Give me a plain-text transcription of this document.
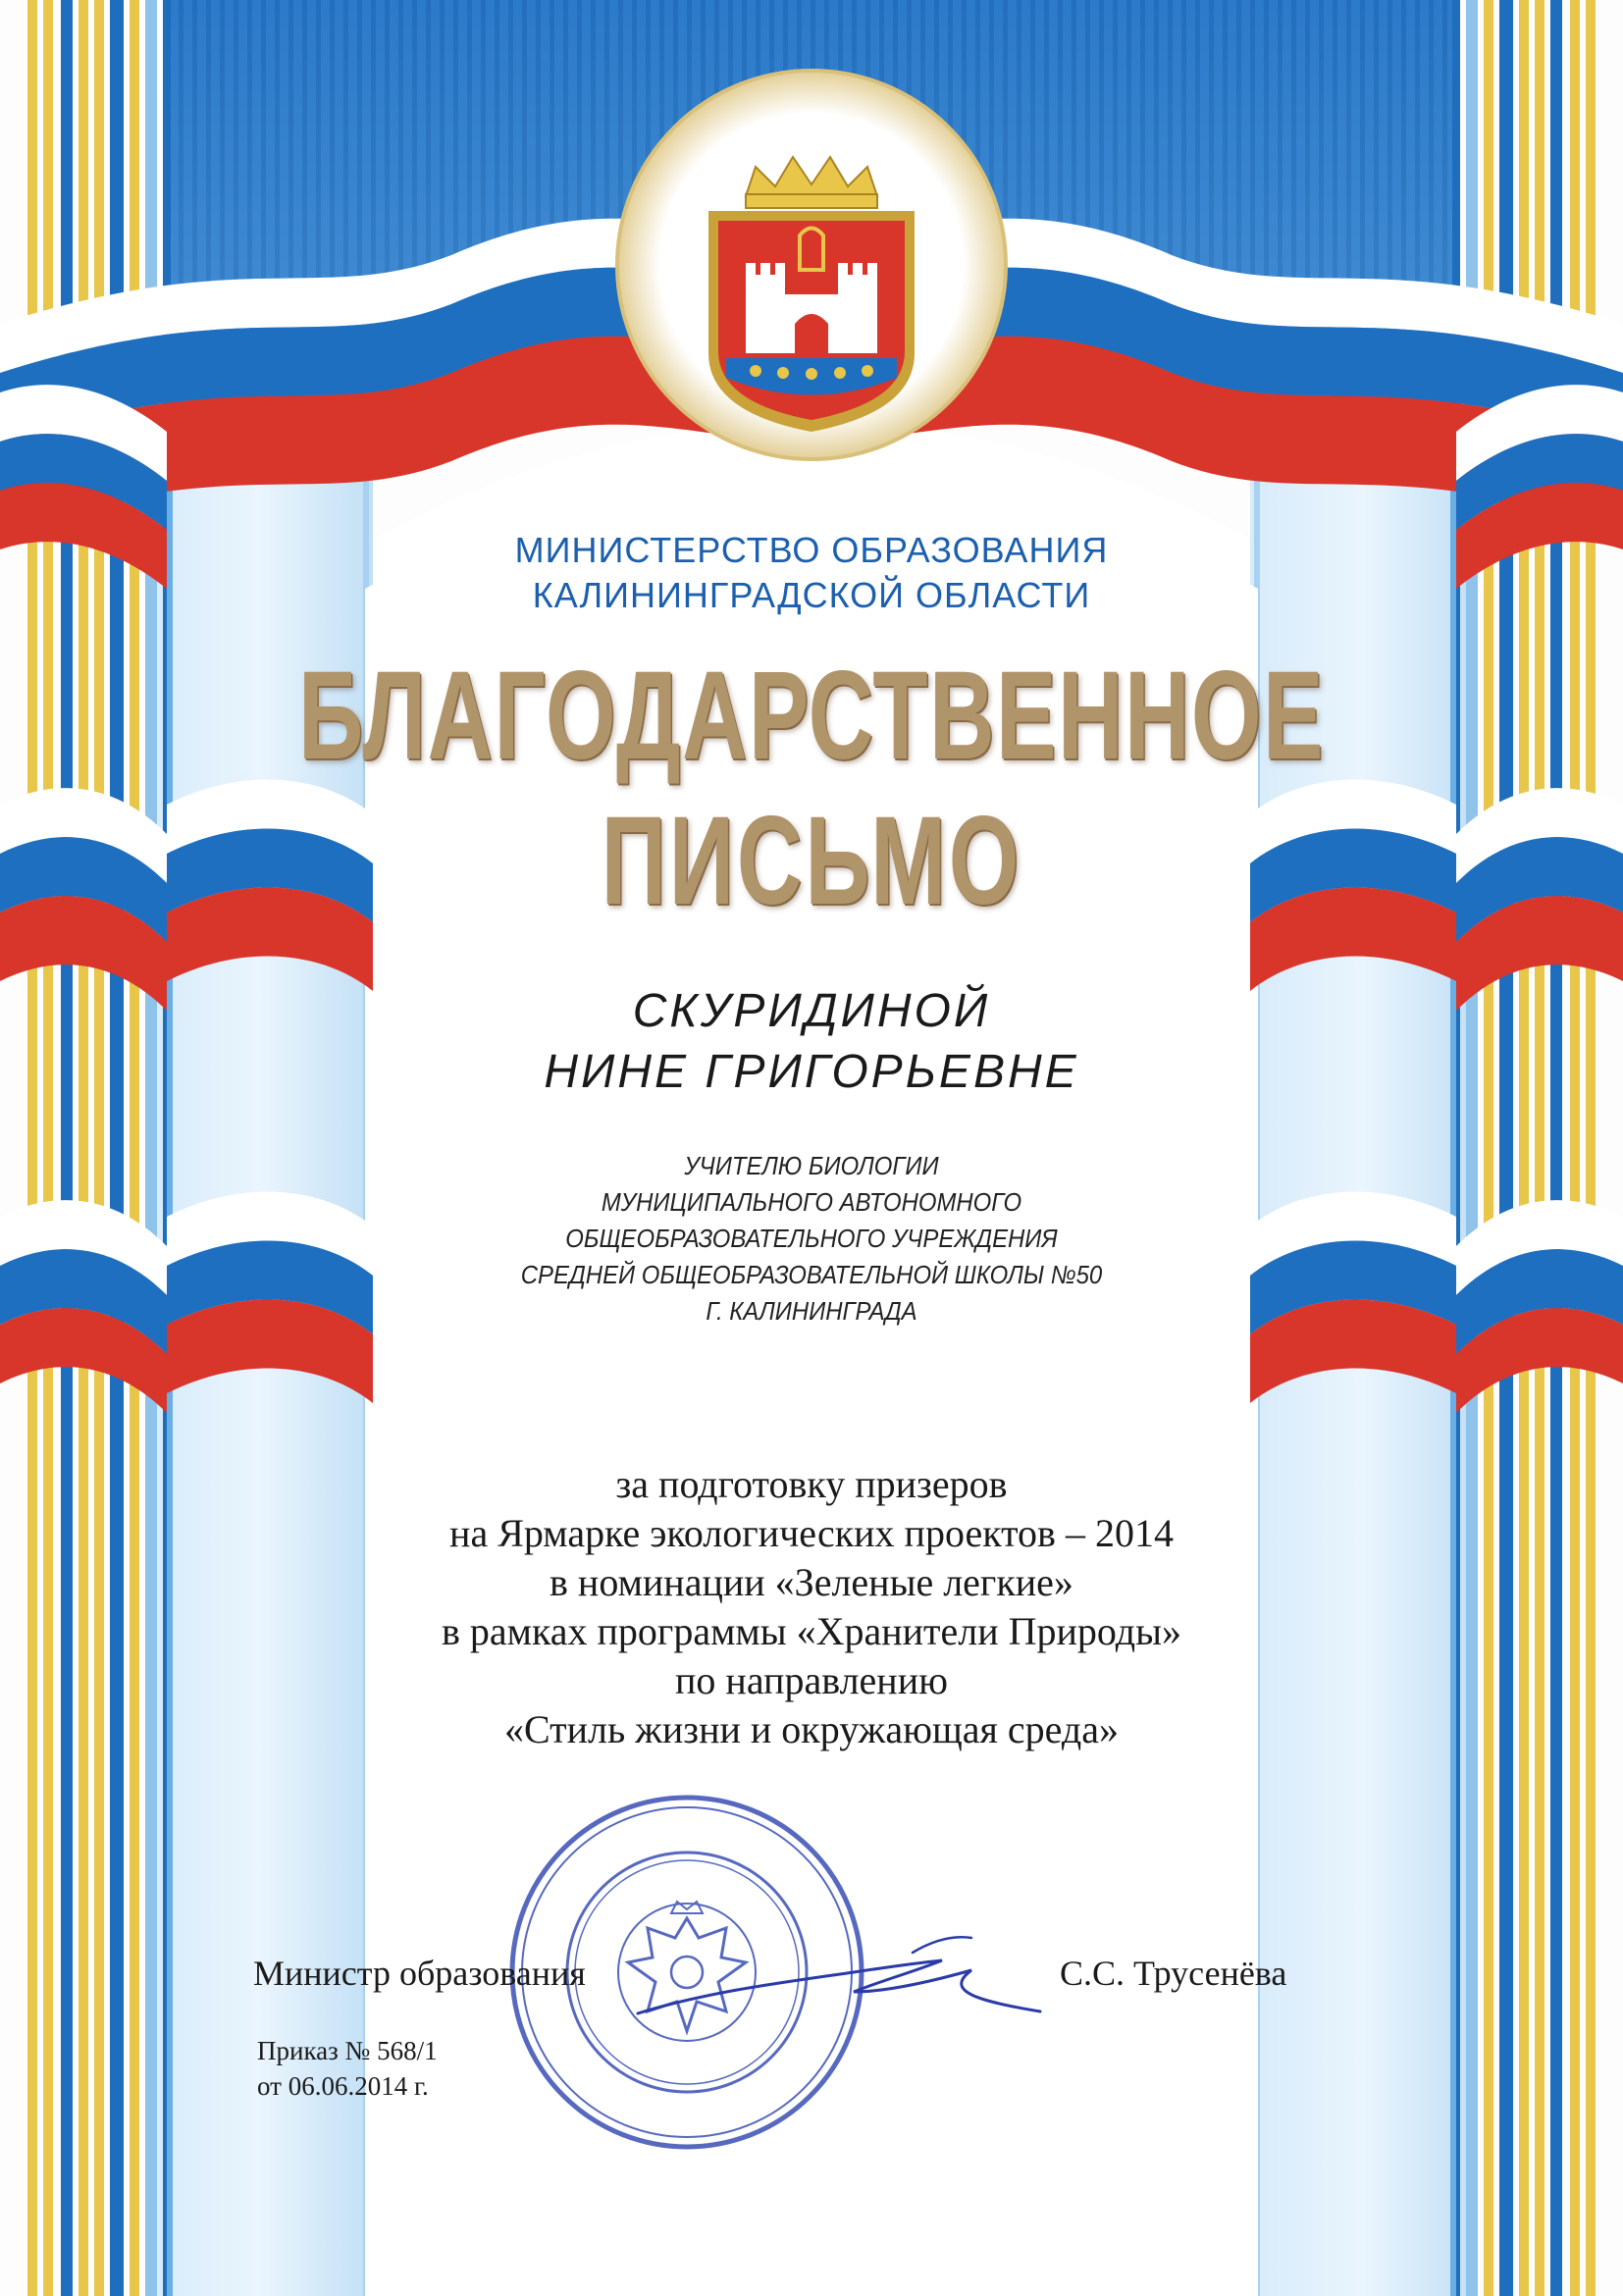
МИНИСТЕРСТВО ОБРАЗОВАНИЯ
КАЛИНИНГРАДСКОЙ ОБЛАСТИ
БЛАГОДАРСТВЕННОЕ
ПИСЬМО
СКУРИДИНОЙ
НИНЕ ГРИГОРЬЕВНЕ
УЧИТЕЛЮ БИОЛОГИИ
МУНИЦИПАЛЬНОГО АВТОНОМНОГО
ОБЩЕОБРАЗОВАТЕЛЬНОГО УЧРЕЖДЕНИЯ
СРЕДНЕЙ ОБЩЕОБРАЗОВАТЕЛЬНОЙ ШКОЛЫ №50
Г. КАЛИНИНГРАДА
за подготовку призеров
на Ярмарке экологических проектов – 2014
в номинации «Зеленые легкие»
в рамках программы «Хранители Природы»
по направлению
«Стиль жизни и окружающая среда»
Министр образования	С.С. Трусенёва
Приказ № 568/1
от 06.06.2014 г.
